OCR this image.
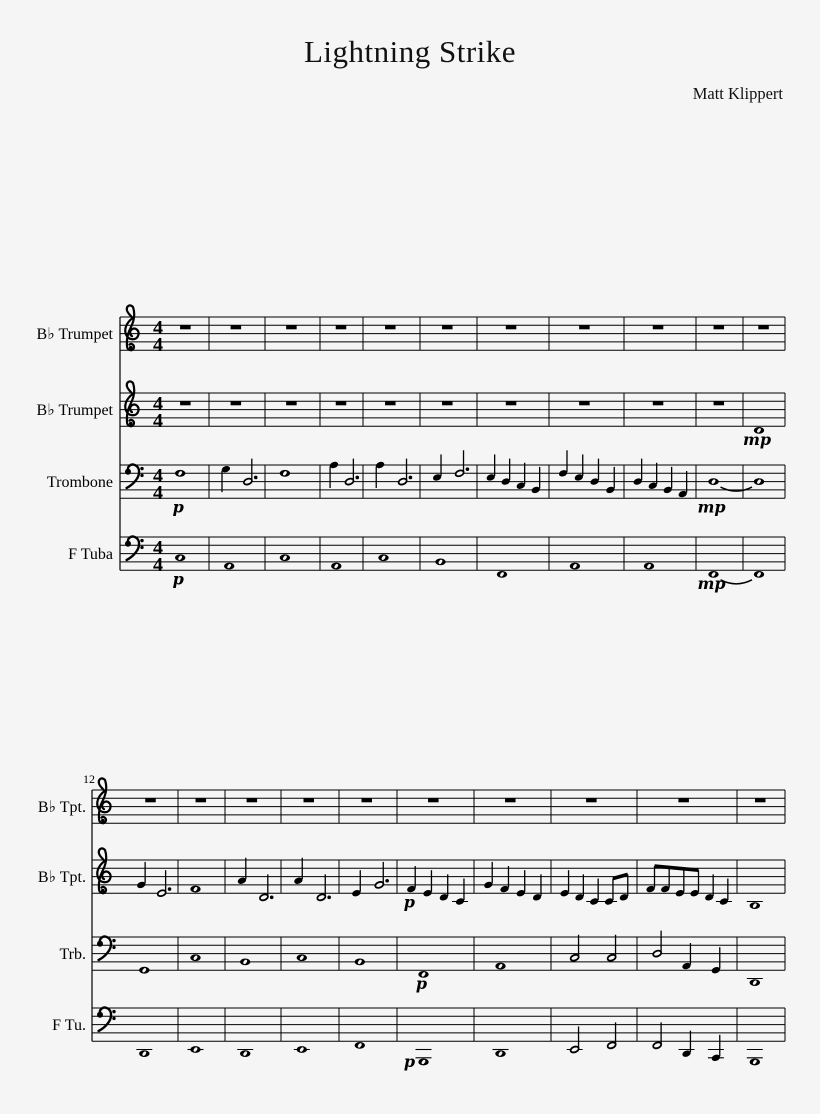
Lightning Strike
Matt Klippert
B♭ Trumpet 4
4
B♭ Trumpet 4
4
mp
Trombone 4
4
p	mp
F Tuba 4
4
p	mp
12
B♭ Tpt.
B♭ Tpt.
p
Trb.
p
F Tu.
p
